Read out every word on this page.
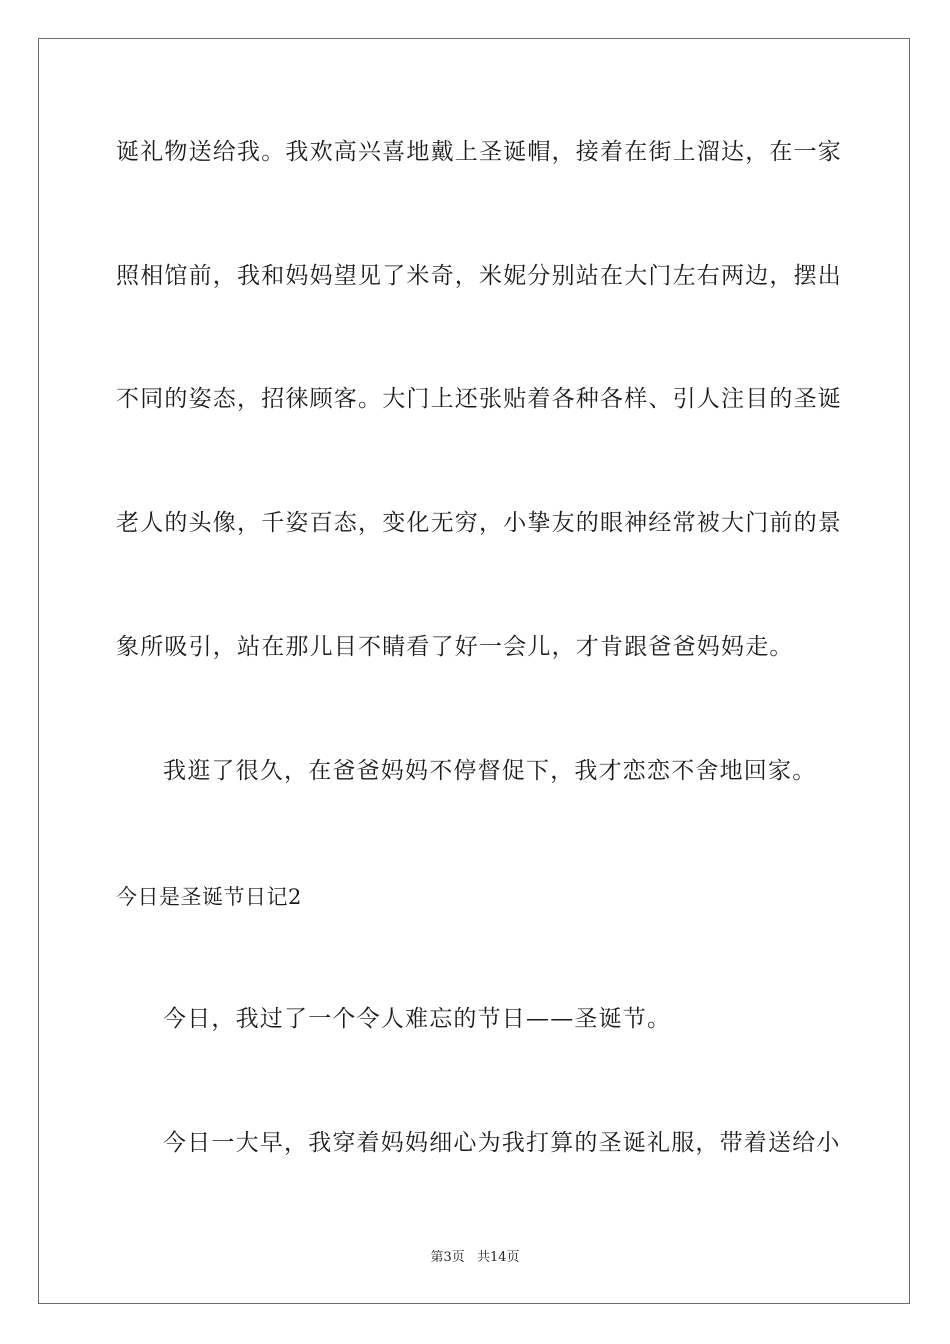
诞礼物送给我。我欢高兴喜地戴上圣诞帽，接着在街上溜达，在一家
照相馆前，我和妈妈望见了米奇，米妮分别站在大门左右两边，摆出
不同的姿态，招徕顾客。大门上还张贴着各种各样、引人注目的圣诞
老人的头像，千姿百态，变化无穷，小挚友的眼神经常被大门前的景
象所吸引，站在那儿目不睛看了好一会儿，才肯跟爸爸妈妈走。
我逛了很久，在爸爸妈妈不停督促下，我才恋恋不舍地回家。
今日是圣诞节日记2
今日，我过了一个令人难忘的节日——圣诞节。
今日一大早，我穿着妈妈细心为我打算的圣诞礼服，带着送给小
第3页 共14页
